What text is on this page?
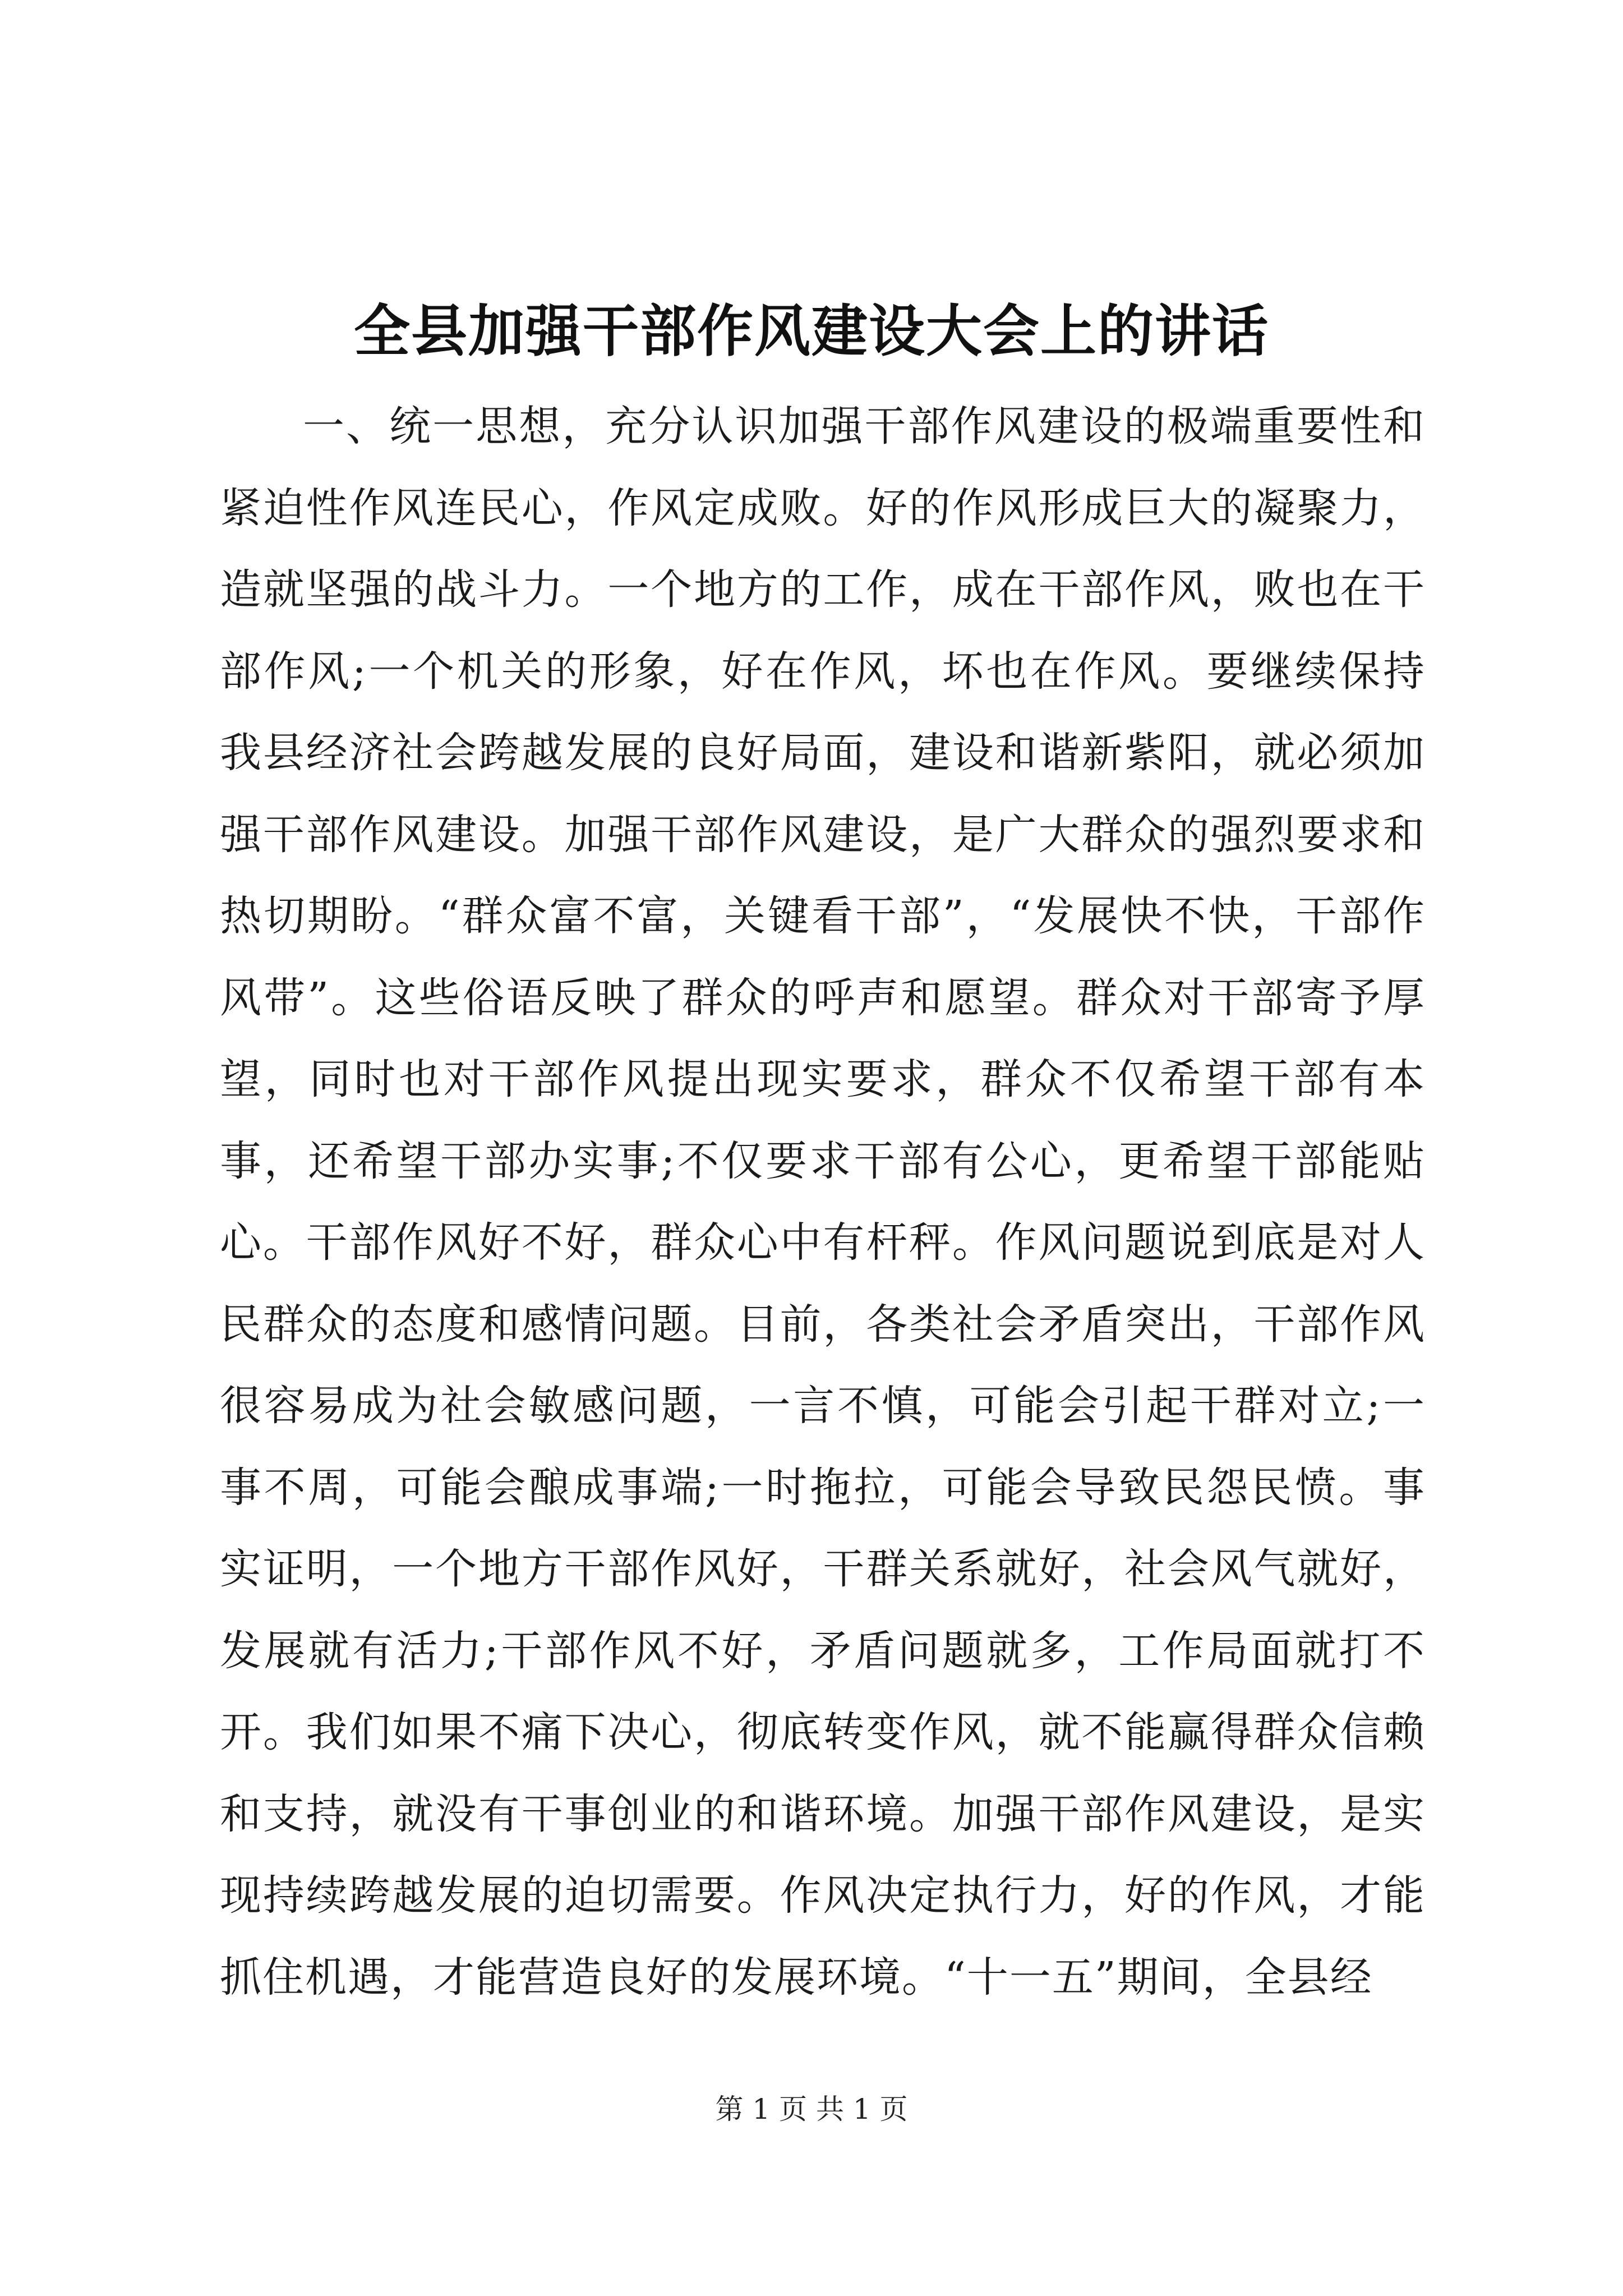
全县加强干部作风建设大会上的讲话

一、统一思想，充分认识加强干部作风建设的极端重要性和紧迫性作风连民心，作风定成败。好的作风形成巨大的凝聚力，造就坚强的战斗力。一个地方的工作，成在干部作风，败也在干部作风;一个机关的形象，好在作风，坏也在作风。要继续保持我县经济社会跨越发展的良好局面，建设和谐新紫阳，就必须加强干部作风建设。加强干部作风建设，是广大群众的强烈要求和热切期盼。“群众富不富，关键看干部”，“发展快不快，干部作风带”。这些俗语反映了群众的呼声和愿望。群众对干部寄予厚望，同时也对干部作风提出现实要求，群众不仅希望干部有本事，还希望干部办实事;不仅要求干部有公心，更希望干部能贴心。干部作风好不好，群众心中有杆秤。作风问题说到底是对人民群众的态度和感情问题。目前，各类社会矛盾突出，干部作风很容易成为社会敏感问题，一言不慎，可能会引起干群对立;一事不周，可能会酿成事端;一时拖拉，可能会导致民怨民愤。事实证明，一个地方干部作风好，干群关系就好，社会风气就好，发展就有活力;干部作风不好，矛盾问题就多，工作局面就打不开。我们如果不痛下决心，彻底转变作风，就不能赢得群众信赖和支持，就没有干事创业的和谐环境。加强干部作风建设，是实现持续跨越发展的迫切需要。作风决定执行力，好的作风，才能抓住机遇，才能营造良好的发展环境。“十一五”期间，全县经

第 1 页 共 1 页
